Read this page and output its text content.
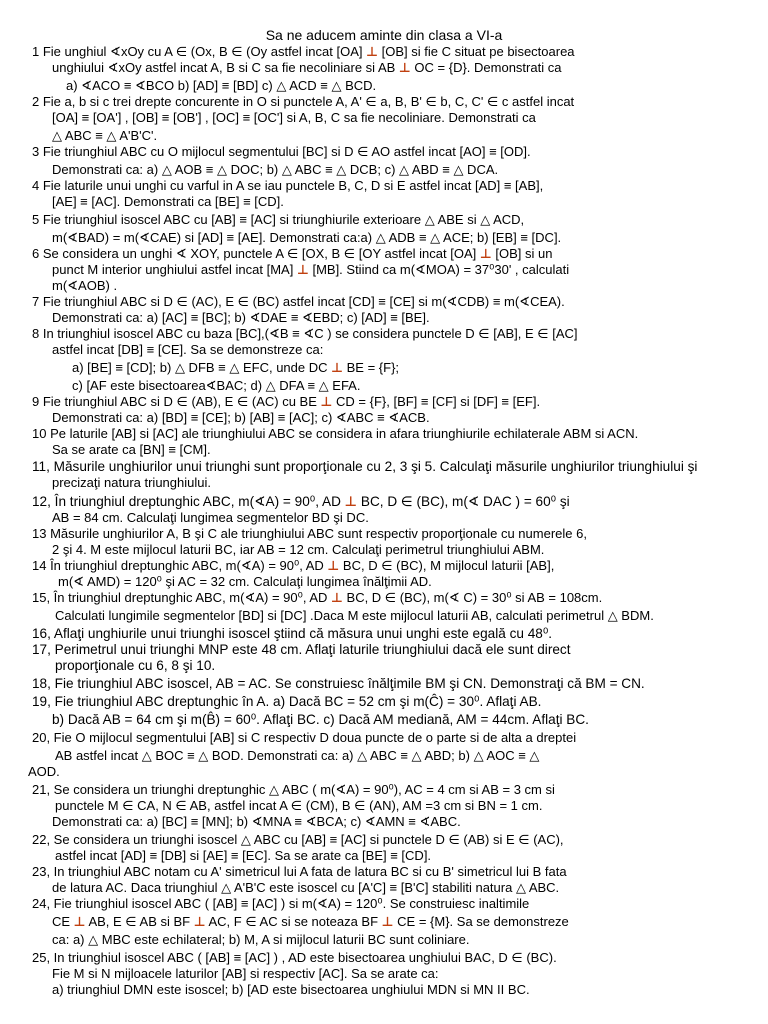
Sa ne aducem aminte din clasa a VI-a
1 Fie unghiul ∢xOy cu A ∈ (Ox, B ∈ (Oy astfel incat [OA] ⊥ [OB] si fie C situat pe bisectoarea
unghiului ∢xOy astfel incat A, B si C sa fie necoliniare si AB ⊥ OC = {D}. Demonstrati ca
a) ∢ACO ≡ ∢BCO b) [AD] ≡ [BD] c) △ ACD ≡ △ BCD.
2 Fie a, b si c trei drepte concurente in O si punctele A, A' ∈ a, B, B' ∈ b, C, C' ∈ c astfel incat
[OA] ≡ [OA'] , [OB] ≡ [OB'] , [OC] ≡ [OC'] si A, B, C sa fie necoliniare. Demonstrati ca
△ ABC ≡ △ A'B'C'.
3 Fie triunghiul ABC cu O mijlocul segmentului [BC] si D ∈ AO astfel incat [AO] ≡ [OD].
Demonstrati ca: a) △ AOB ≡ △ DOC; b) △ ABC ≡ △ DCB; c) △ ABD ≡ △ DCA.
4 Fie laturile unui unghi cu varful in A se iau punctele B, C, D si E astfel incat [AD] ≡ [AB],
[AE] ≡ [AC]. Demonstrati ca [BE] ≡ [CD].
5 Fie triunghiul isoscel ABC cu [AB] ≡ [AC] si triunghiurile exterioare △ ABE si △ ACD,
m(∢BAD) = m(∢CAE) si [AD] ≡ [AE]. Demonstrati ca:a) △ ADB ≡ △ ACE; b) [EB] ≡ [DC].
6 Se considera un unghi ∢ XOY, punctele A ∈ [OX, B ∈ [OY astfel incat [OA] ⊥ [OB] si un
punct M interior unghiului astfel incat [MA] ⊥ [MB]. Stiind ca m(∢MOA) = 37⁰30' , calculati
m(∢AOB) .
7 Fie triunghiul ABC si D ∈ (AC), E ∈ (BC) astfel incat [CD] ≡ [CE] si m(∢CDB) ≡ m(∢CEA).
Demonstrati ca: a) [AC] ≡ [BC]; b) ∢DAE ≡ ∢EBD; c) [AD] ≡ [BE].
8 In triunghiul isoscel ABC cu baza [BC],(∢B ≡ ∢C ) se considera punctele D ∈ [AB], E ∈ [AC]
astfel incat [DB] ≡ [CE]. Sa se demonstreze ca:
a) [BE] ≡ [CD]; b) △ DFB ≡ △ EFC, unde DC ⊥ BE = {F};
c) [AF este bisectoarea∢BAC; d) △ DFA ≡ △ EFA.
9 Fie triunghiul ABC si D ∈ (AB), E ∈ (AC) cu BE ⊥ CD = {F}, [BF] ≡ [CF] si [DF] ≡ [EF].
Demonstrati ca: a) [BD] ≡ [CE]; b) [AB] ≡ [AC]; c) ∢ABC ≡ ∢ACB.
10 Pe laturile [AB] si [AC] ale triunghiului ABC se considera in afara triunghiurile echilaterale ABM si ACN.
Sa se arate ca [BN] ≡ [CM].
11, Măsurile unghiurilor unui triunghi sunt proporţionale cu 2, 3 şi 5. Calculaţi măsurile unghiurilor triunghiului şi
precizaţi natura triunghiului.
12, În triunghiul dreptunghic ABC, m(∢A) = 90⁰, AD ⊥ BC, D ∈ (BC), m(∢ DAC ) = 60⁰ şi
AB = 84 cm. Calculaţi lungimea segmentelor BD şi DC.
13 Măsurile unghiurilor A, B şi C ale triunghiului ABC sunt respectiv proporţionale cu numerele 6,
2 şi 4. M este mijlocul laturii BC, iar AB = 12 cm. Calculaţi perimetrul triunghiului ABM.
14 În triunghiul dreptunghic ABC, m(∢A) = 90⁰, AD ⊥ BC, D ∈ (BC), M mijlocul laturii [AB],
m(∢ AMD) = 120⁰ şi AC = 32 cm. Calculaţi lungimea înălţimii AD.
15, În triunghiul dreptunghic ABC, m(∢A) = 90⁰, AD ⊥ BC, D ∈ (BC), m(∢ C) = 30⁰ si AB = 108cm.
Calculati lungimile segmentelor [BD] si [DC] .Daca M este mijlocul laturii AB, calculati perimetrul △ BDM.
16, Aflaţi unghiurile unui triunghi isoscel ştiind că măsura unui unghi este egală cu 48⁰.
17, Perimetrul unui triunghi MNP este 48 cm. Aflaţi laturile triunghiului dacă ele sunt direct
proporţionale cu 6, 8 şi 10.
18, Fie triunghiul ABC isoscel, AB = AC. Se construiesc înălţimile BM şi CN. Demonstraţi că BM = CN.
19, Fie triunghiul ABC dreptunghic în A. a) Dacă BC = 52 cm şi m(Ĉ) = 30⁰. Aflaţi AB.
b) Dacă AB = 64 cm şi m(B̂) = 60⁰. Aflaţi BC. c) Dacă AM mediană, AM = 44cm. Aflaţi BC.
20, Fie O mijlocul segmentului [AB] si C respectiv D doua puncte de o parte si de alta a dreptei
AB astfel incat △ BOC ≡ △ BOD. Demonstrati ca: a) △ ABC ≡ △ ABD; b) △ AOC ≡ △
AOD.
21, Se considera un triunghi dreptunghic △ ABC ( m(∢A) = 90⁰), AC = 4 cm si AB = 3 cm si
punctele M ∈ CA, N ∈ AB, astfel incat A ∈ (CM), B ∈ (AN), AM =3 cm si BN = 1 cm.
Demonstrati ca: a) [BC] ≡ [MN]; b) ∢MNA ≡ ∢BCA; c) ∢AMN ≡ ∢ABC.
22, Se considera un triunghi isoscel △ ABC cu [AB] ≡ [AC] si punctele D ∈ (AB) si E ∈ (AC),
astfel incat [AD] ≡ [DB] si [AE] ≡ [EC]. Sa se arate ca [BE] ≡ [CD].
23, In triunghiul ABC notam cu A' simetricul lui A fata de latura BC si cu B' simetricul lui B fata
de latura AC. Daca triunghiul △ A'B'C este isoscel cu [A'C] ≡ [B'C] stabiliti natura △ ABC.
24, Fie triunghiul isoscel ABC ( [AB] ≡ [AC] ) si m(∢A) = 120⁰. Se construiesc inaltimile
CE ⊥ AB, E ∈ AB si BF ⊥ AC, F ∈ AC si se noteaza BF ⊥ CE = {M}. Sa se demonstreze
ca: a) △ MBC este echilateral; b) M, A si mijlocul laturii BC sunt coliniare.
25, In triunghiul isoscel ABC ( [AB] ≡ [AC] ) , AD este bisectoarea unghiului BAC, D ∈ (BC).
Fie M si N mijloacele laturilor [AB] si respectiv [AC]. Sa se arate ca:
a) triunghiul DMN este isoscel; b) [AD este bisectoarea unghiului MDN si MN II BC.
